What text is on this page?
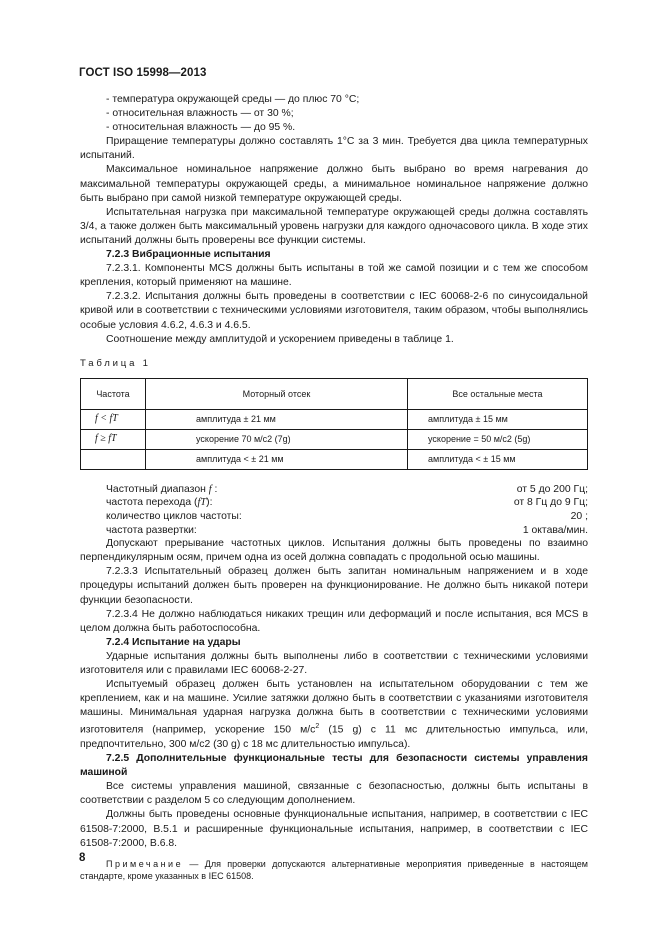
ГОСТ ISO 15998—2013

- температура окружающей среды — до плюс 70 °С;

- относительная влажность — от 30 %;

- относительная влажность — до 95 %.

Приращение температуры должно составлять 1°С за 3 мин. Требуется два цикла температурных испытаний.

Максимальное номинальное напряжение должно быть выбрано во время нагревания до максимальной температуры окружающей среды, а минимальное номинальное напряжение должно быть выбрано при самой низкой температуре окружающей среды.

Испытательная нагрузка при максимальной температуре окружающей среды должна составлять 3/4, а также должен быть максимальный уровень нагрузки для каждого одночасового цикла. В ходе этих испытаний должны быть проверены все функции системы.

7.2.3 Вибрационные испытания

7.2.3.1. Компоненты MCS должны быть испытаны в той же самой позиции и с тем же способом крепления, который применяют на машине.

7.2.3.2. Испытания должны быть проведены в соответствии с IEC 60068-2-6 по синусоидальной кривой или в соответствии с техническими условиями изготовителя, таким образом, чтобы выполнялись особые условия 4.6.2, 4.6.3 и 4.6.5.

Соотношение между амплитудой и ускорением приведены в таблице 1.

Таблица 1

Частота	Моторный отсек	Все остальные места
f < fT	амплитуда ± 21 мм	амплитуда ± 15 мм
f ≥ fT	ускорение 70 м/с2 (7g)	ускорение = 50 м/с2 (5g)
	амплитуда < ± 21 мм	амплитуда < ± 15 мм
Частотный диапазон f :	от 5 до 200 Гц;
частота перехода (fT):	от 8 Гц до 9 Гц;
количество циклов частоты:	20 ;
частота развертки:	1 октава/мин.

Допускают прерывание частотных циклов. Испытания должны быть проведены по взаимно перпендикулярным осям, причем одна из осей должна совпадать с продольной осью машины.

7.2.3.3 Испытательный образец должен быть запитан номинальным напряжением и в ходе процедуры испытаний должен быть проверен на функционирование. Не должно быть никакой потери функции безопасности.

7.2.3.4 Не должно наблюдаться никаких трещин или деформаций и после испытания, вся MCS в целом должна быть работоспособна.

7.2.4 Испытание на удары

Ударные испытания должны быть выполнены либо в соответствии с техническими условиями изготовителя или с правилами IEC 60068-2-27.

Испытуемый образец должен быть установлен на испытательном оборудовании с тем же креплением, как и на машине. Усилие затяжки должно быть в соответствии с указаниями изготовителя машины. Минимальная ударная нагрузка должна быть в соответствии с техническими условиями изготовителя (например, ускорение 150 $м/с^2$ (15 g) с 11 мс длительностью импульса, или, предпочтительно, 300 м/с2 (30 g) с 18 мс длительностью импульса).

7.2.5 Дополнительные функциональные тесты для безопасности системы управления машиной

Все системы управления машиной, связанные с безопасностью, должны быть испытаны в соответствии с разделом 5 со следующим дополнением.

Должны быть проведены основные функциональные испытания, например, в соответствии с IEC 61508-7:2000, B.5.1 и расширенные функциональные испытания, например, в соответствии с IEC 61508-7:2000, B.6.8.

Примечание — Для проверки допускаются альтернативные мероприятия приведенные в настоящем стандарте, кроме указанных в IEC 61508.

8
